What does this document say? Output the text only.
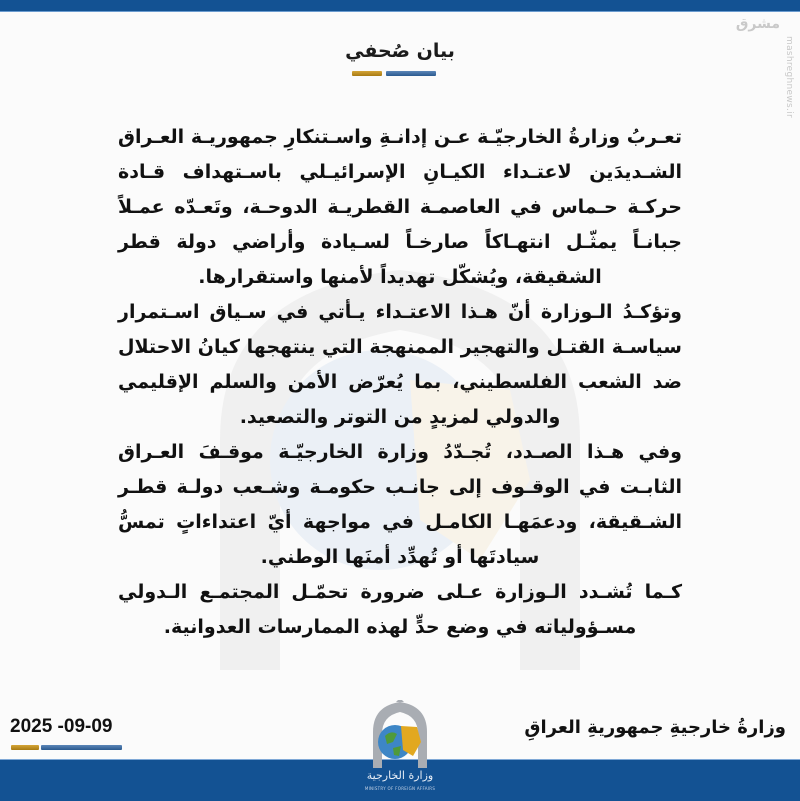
مشرق
mashreghnews.ir
بيان صُحفي

تعـربُ وزارةُ الخارجيّـة عـن إدانـةِ واسـتنكارِ جمهوريـة العـراق الشـديدَين لاعتـداء الكيـانِ الإسرائيـلي باسـتهداف قـادة حركـة حـماس في العاصمـة القطريـة الدوحـة، وتَعـدّه عمـلاً جبانـاً يمثّـل انتهـاكاً صارخـاً لسـيادة وأراضي دولة قطر الشقيقة، ويُشكّل تهديداً لأمنها واستقرارها.

وتؤكـدُ الـوزارة أنّ هـذا الاعتـداء يـأتي في سـياق اسـتمرار سياسـة القتـل والتهجير الممنهجة التي ينتهجها كيانُ الاحتلال ضد الشعب الفلسطيني، بما يُعرّض الأمن والسلم الإقليمي والدولي لمزيدٍ من التوتر والتصعيد.

وفي هـذا الصـدد، تُجـدّدُ وزارة الخارجيّـة موقـفَ العـراق الثابـت في الوقـوف إلى جانـب حكومـة وشـعب دولـة قطـر الشـقيقة، ودعمَهـا الكامـل في مواجهة أيّ اعتداءاتٍ تمسُّ سيادتَها أو تُهدِّد أمنَها الوطني.

كـما تُشـدد الـوزارة عـلى ضرورة تحمّـل المجتمـع الـدولي مسـؤولياته في وضع حدٍّ لهذه الممارسات العدوانية.

2025 -09-09	وزارةُ خارجيةِ جمهوريةِ العراقِ
وزارة الخارجية
MINISTRY OF FOREIGN AFFAIRS
